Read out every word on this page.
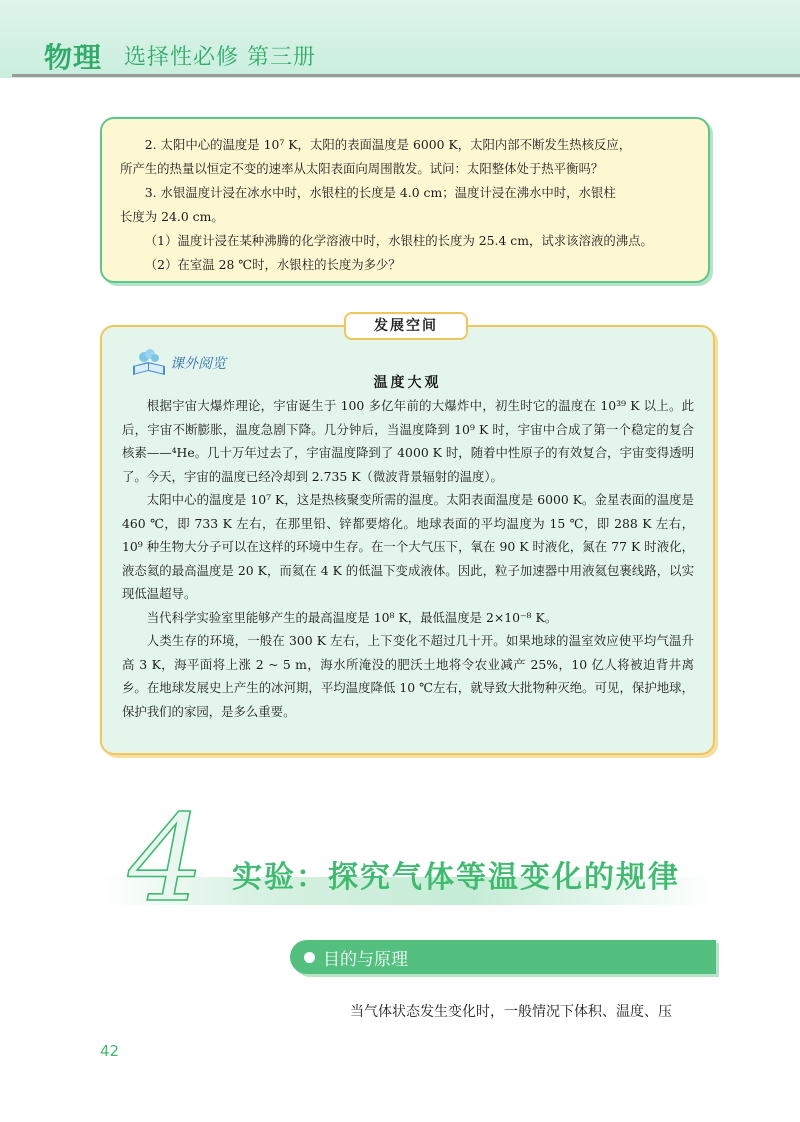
物理 选择性必修 第三册

2. 太阳中心的温度是 10⁷ K，太阳的表面温度是 6000 K，太阳内部不断发生热核反应，

所产生的热量以恒定不变的速率从太阳表面向周围散发。试问：太阳整体处于热平衡吗？

3. 水银温度计浸在冰水中时，水银柱的长度是 4.0 cm；温度计浸在沸水中时，水银柱

长度为 24.0 cm。

（1）温度计浸在某种沸腾的化学溶液中时，水银柱的长度为 25.4 cm，试求该溶液的沸点。

（2）在室温 28 ℃时，水银柱的长度为多少？

发展空间
课外阅览
温度大观

根据宇宙大爆炸理论，宇宙诞生于 100 多亿年前的大爆炸中，初生时它的温度在 10³⁹ K 以上。此后，宇宙不断膨胀，温度急剧下降。几分钟后，当温度降到 10⁹ K 时，宇宙中合成了第一个稳定的复合核素——⁴He。几十万年过去了，宇宙温度降到了 4000 K 时，随着中性原子的有效复合，宇宙变得透明了。今天，宇宙的温度已经冷却到 2.735 K（微波背景辐射的温度）。

太阳中心的温度是 10⁷ K，这是热核聚变所需的温度。太阳表面温度是 6000 K。金星表面的温度是 460 ℃，即 733 K 左右，在那里铅、锌都要熔化。地球表面的平均温度为 15 ℃，即 288 K 左右，10⁹ 种生物大分子可以在这样的环境中生存。在一个大气压下，氧在 90 K 时液化，氮在 77 K 时液化，液态氦的最高温度是 20 K，而氦在 4 K 的低温下变成液体。因此，粒子加速器中用液氦包裹线路，以实现低温超导。

当代科学实验室里能够产生的最高温度是 10⁸ K，最低温度是 2×10⁻⁸ K。

人类生存的环境，一般在 300 K 左右，上下变化不超过几十开。如果地球的温室效应使平均气温升高 3 K，海平面将上涨 2 ~ 5 m，海水所淹没的肥沃土地将令农业减产 25%，10 亿人将被迫背井离乡。在地球发展史上产生的冰河期，平均温度降低 10 ℃左右，就导致大批物种灭绝。可见，保护地球，保护我们的家园，是多么重要。

4 实验：探究气体等温变化的规律
目的与原理
当气体状态发生变化时，一般情况下体积、温度、压
42
